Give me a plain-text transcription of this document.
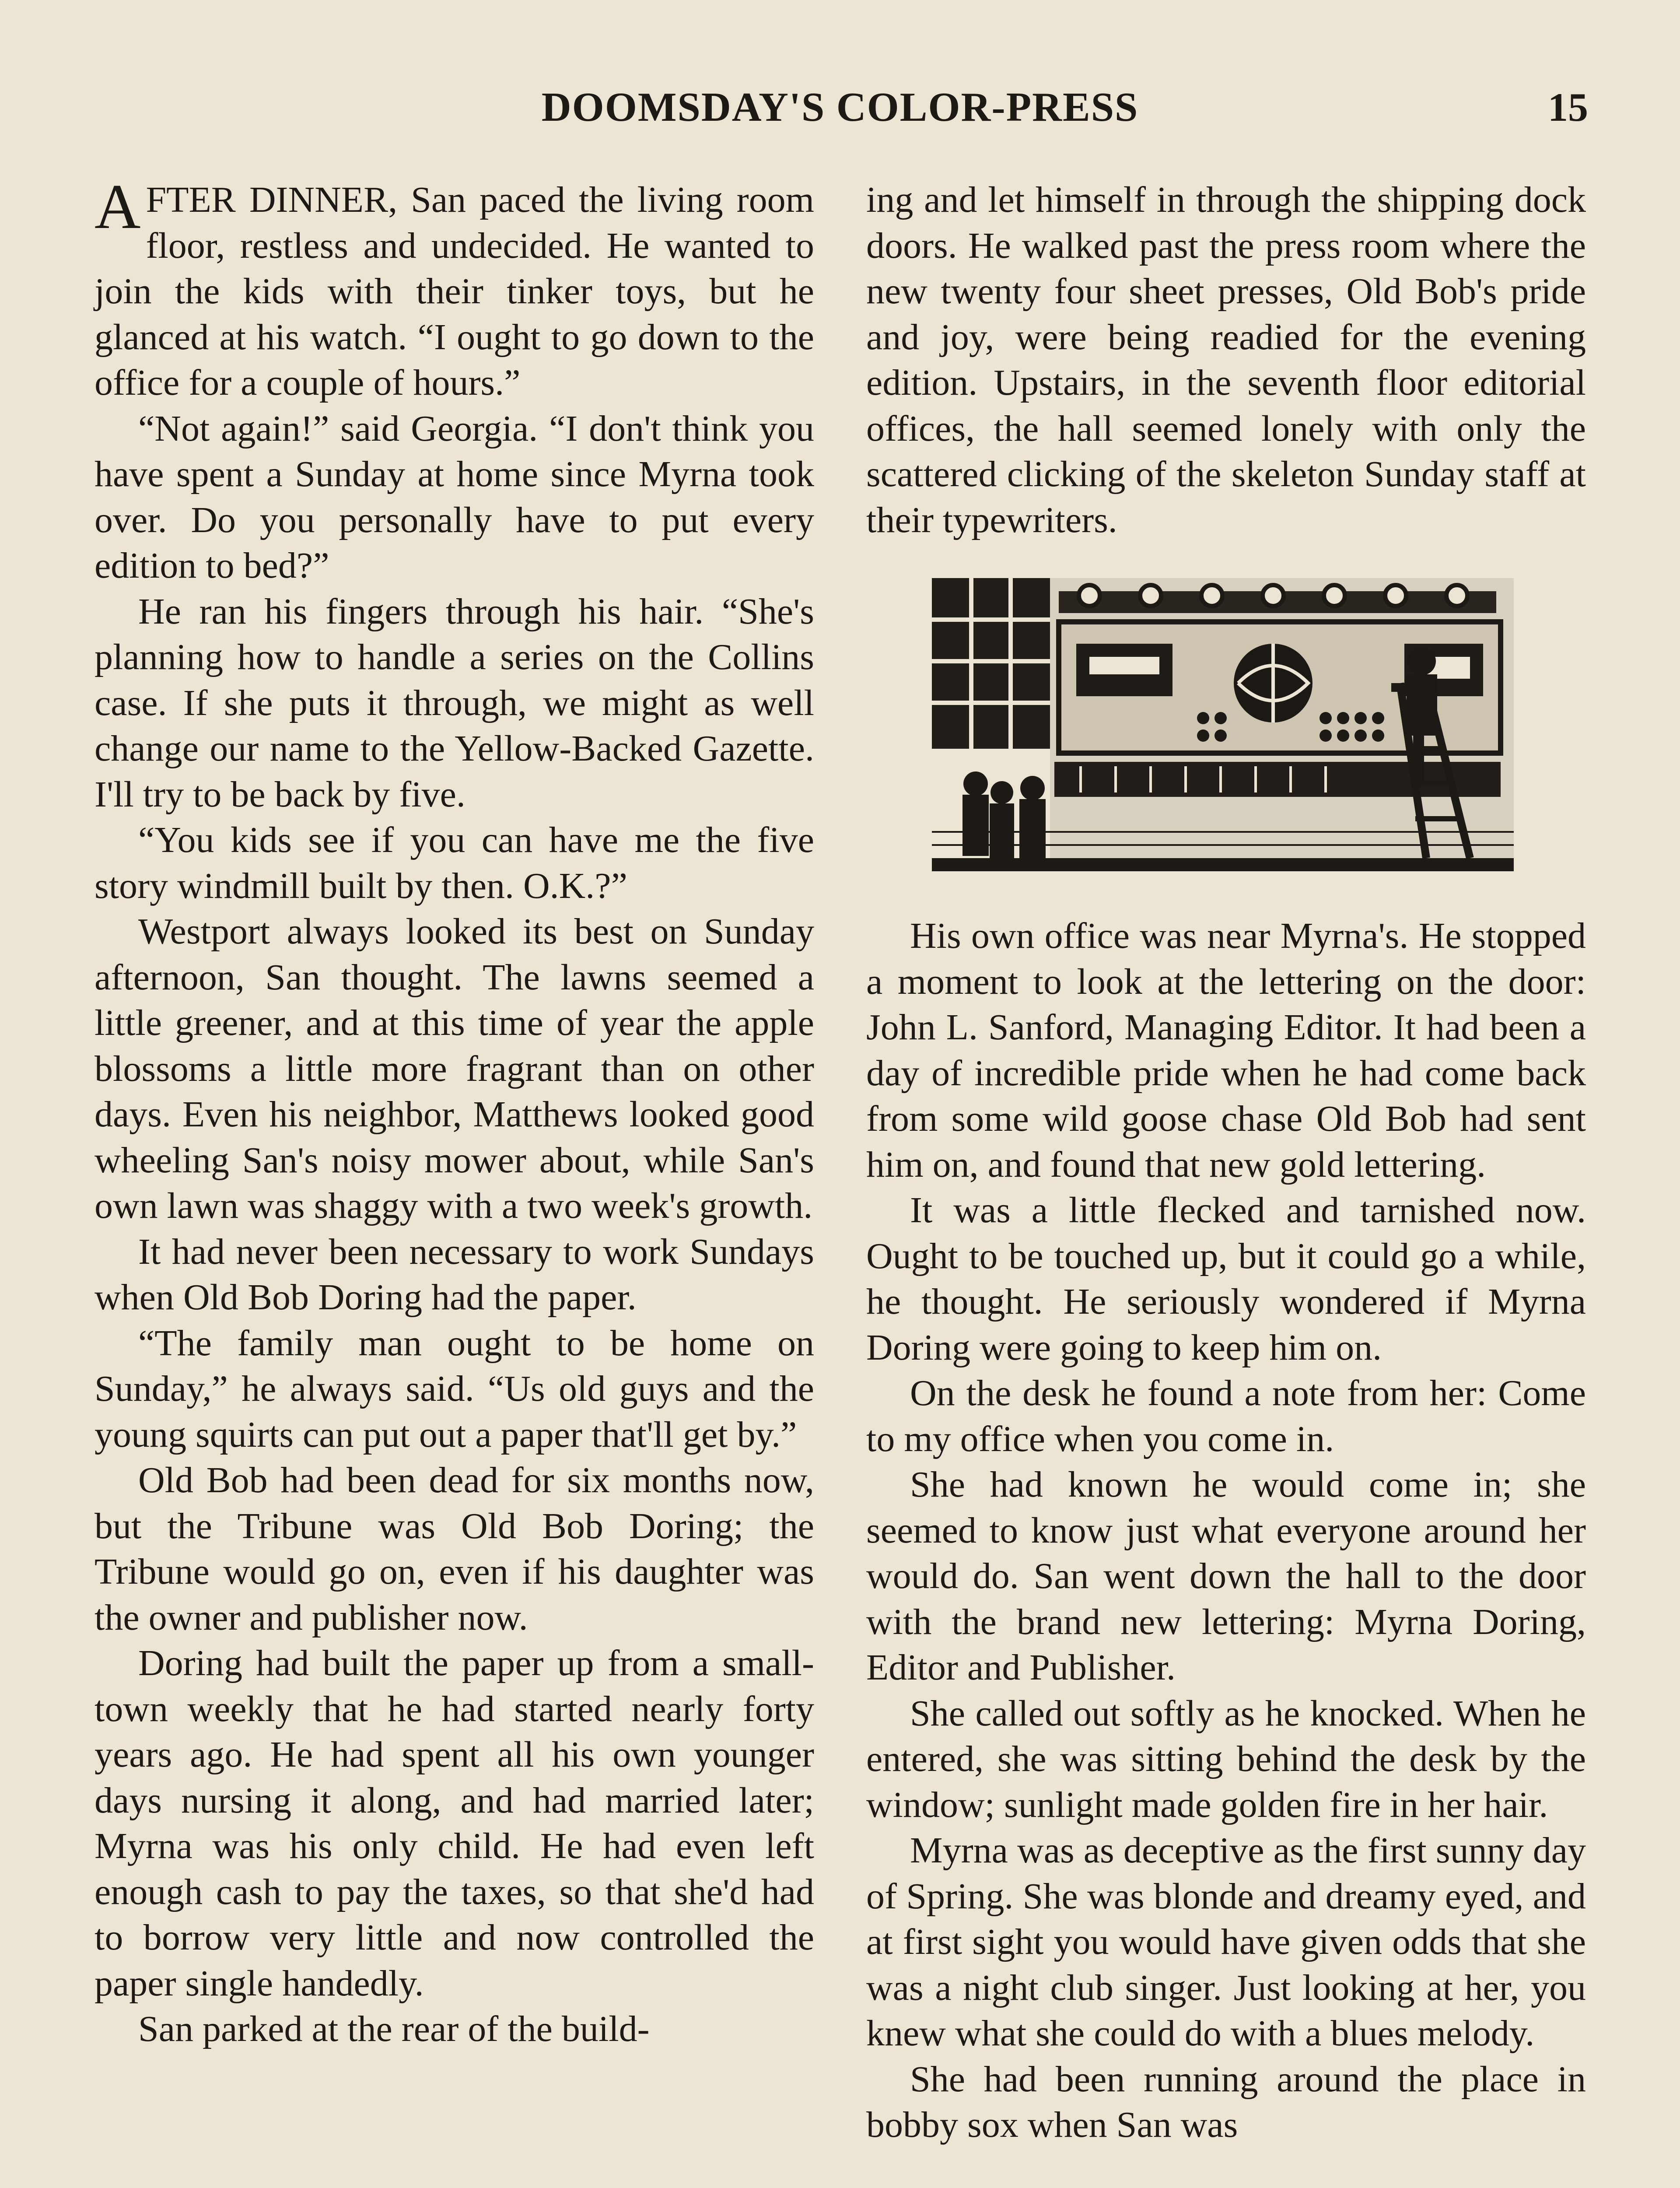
DOOMSDAY'S COLOR-PRESS	15

AFTER DINNER, San paced the living room floor, restless and undecided. He wanted to join the kids with their tinker toys, but he glanced at his watch. “I ought to go down to the office for a couple of hours.”

“Not again!” said Georgia. “I don't think you have spent a Sunday at home since Myrna took over. Do you personally have to put every edition to bed?”

He ran his fingers through his hair. “She's planning how to handle a series on the Collins case. If she puts it through, we might as well change our name to the Yellow-Backed Gazette. I'll try to be back by five.

“You kids see if you can have me the five story windmill built by then. O.K.?”

Westport always looked its best on Sunday afternoon, San thought. The lawns seemed a little greener, and at this time of year the apple blossoms a little more fragrant than on other days. Even his neighbor, Matthews looked good wheeling San's noisy mower about, while San's own lawn was shaggy with a two week's growth.

It had never been necessary to work Sundays when Old Bob Doring had the paper.

“The family man ought to be home on Sunday,” he always said. “Us old guys and the young squirts can put out a paper that'll get by.”

Old Bob had been dead for six months now, but the Tribune was Old Bob Doring; the Tribune would go on, even if his daughter was the owner and publisher now.

Doring had built the paper up from a small-town weekly that he had started nearly forty years ago. He had spent all his own younger days nursing it along, and had married later; Myrna was his only child. He had even left enough cash to pay the taxes, so that she'd had to borrow very little and now controlled the paper single handedly.

San parked at the rear of the build-

ing and let himself in through the shipping dock doors. He walked past the press room where the new twenty four sheet presses, Old Bob's pride and joy, were being readied for the evening edition. Upstairs, in the seventh floor editorial offices, the hall seemed lonely with only the scattered clicking of the skeleton Sunday staff at their typewriters.

His own office was near Myrna's. He stopped a moment to look at the lettering on the door: John L. Sanford, Managing Editor. It had been a day of incredible pride when he had come back from some wild goose chase Old Bob had sent him on, and found that new gold lettering.

It was a little flecked and tarnished now. Ought to be touched up, but it could go a while, he thought. He seriously wondered if Myrna Doring were going to keep him on.

On the desk he found a note from her: Come to my office when you come in.

She had known he would come in; she seemed to know just what everyone around her would do. San went down the hall to the door with the brand new lettering: Myrna Doring, Editor and Publisher.

She called out softly as he knocked. When he entered, she was sitting behind the desk by the window; sunlight made golden fire in her hair.

Myrna was as deceptive as the first sunny day of Spring. She was blonde and dreamy eyed, and at first sight you would have given odds that she was a night club singer. Just looking at her, you knew what she could do with a blues melody.

She had been running around the place in bobby sox when San was
